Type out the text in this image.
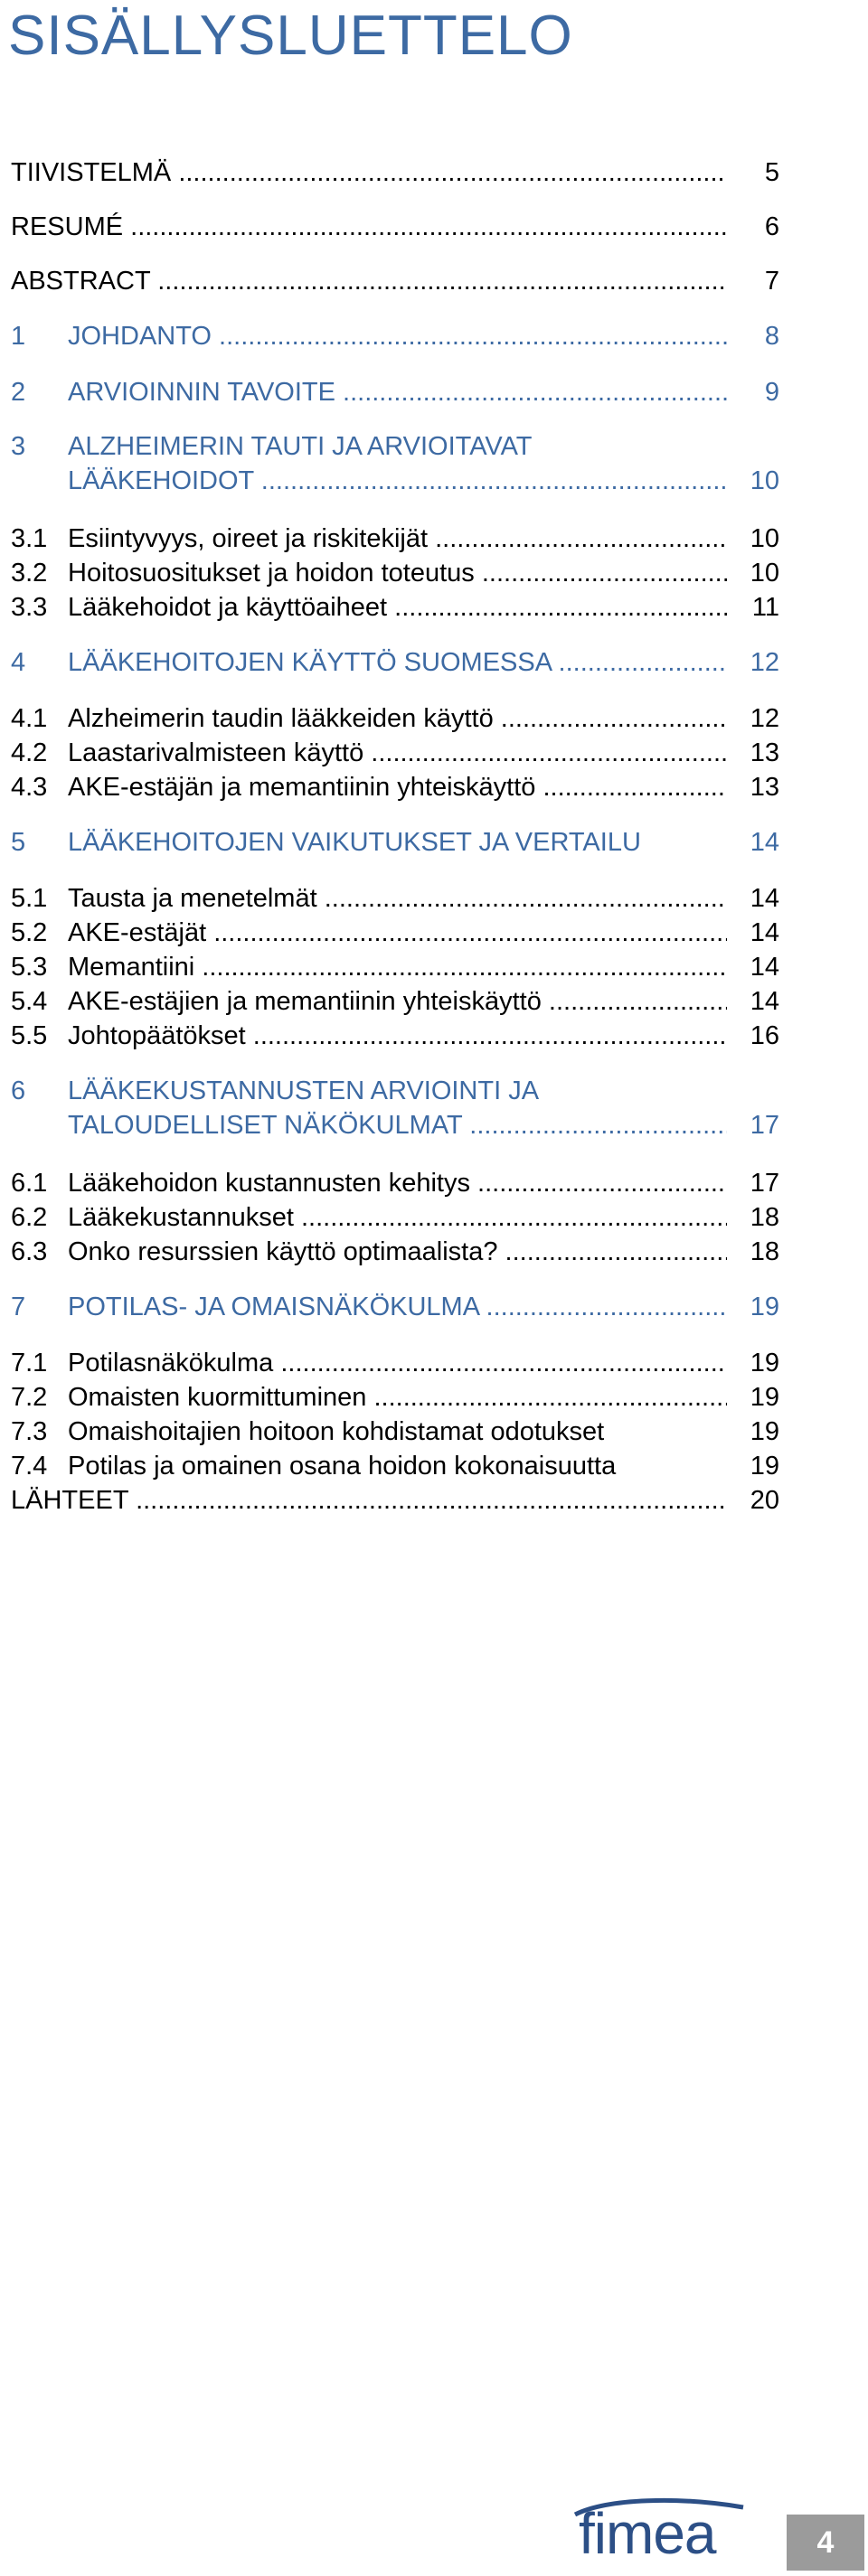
SISÄLLYSLUETTELO
TIIVISTELMÄ .....	5
RESUMÉ .....	6
ABSTRACT .....	7
1 JOHDANTO .....	8
2 ARVIOINNIN TAVOITE .....	9
3 ALZHEIMERIN TAUTI JA ARVIOITAVAT
LÄÄKEHOIDOT .....	10
3.1 Esiintyvyys, oireet ja riskitekijät .....	10
3.2 Hoitosuositukset ja hoidon toteutus .....	10
3.3 Lääkehoidot ja käyttöaiheet .....	11
4 LÄÄKEHOITOJEN KÄYTTÖ SUOMESSA .....	12
4.1 Alzheimerin taudin lääkkeiden käyttö .....	12
4.2 Laastarivalmisteen käyttö .....	13
4.3 AKE-estäjän ja memantiinin yhteiskäyttö .....	13
5 LÄÄKEHOITOJEN VAIKUTUKSET JA VERTAILU	14
5.1 Tausta ja menetelmät .....	14
5.2 AKE-estäjät .....	14
5.3 Memantiini .....	14
5.4 AKE-estäjien ja memantiinin yhteiskäyttö .....	14
5.5 Johtopäätökset .....	16
6 LÄÄKEKUSTANNUSTEN ARVIOINTI JA
TALOUDELLISET NÄKÖKULMAT .....	17
6.1 Lääkehoidon kustannusten kehitys .....	17
6.2 Lääkekustannukset .....	18
6.3 Onko resurssien käyttö optimaalista? .....	18
7 POTILAS- JA OMAISNÄKÖKULMA .....	19
7.1 Potilasnäkökulma .....	19
7.2 Omaisten kuormittuminen .....	19
7.3 Omaishoitajien hoitoon kohdistamat odotukset	19
7.4 Potilas ja omainen osana hoidon kokonaisuutta	19
LÄHTEET .....	20
fimea	4
